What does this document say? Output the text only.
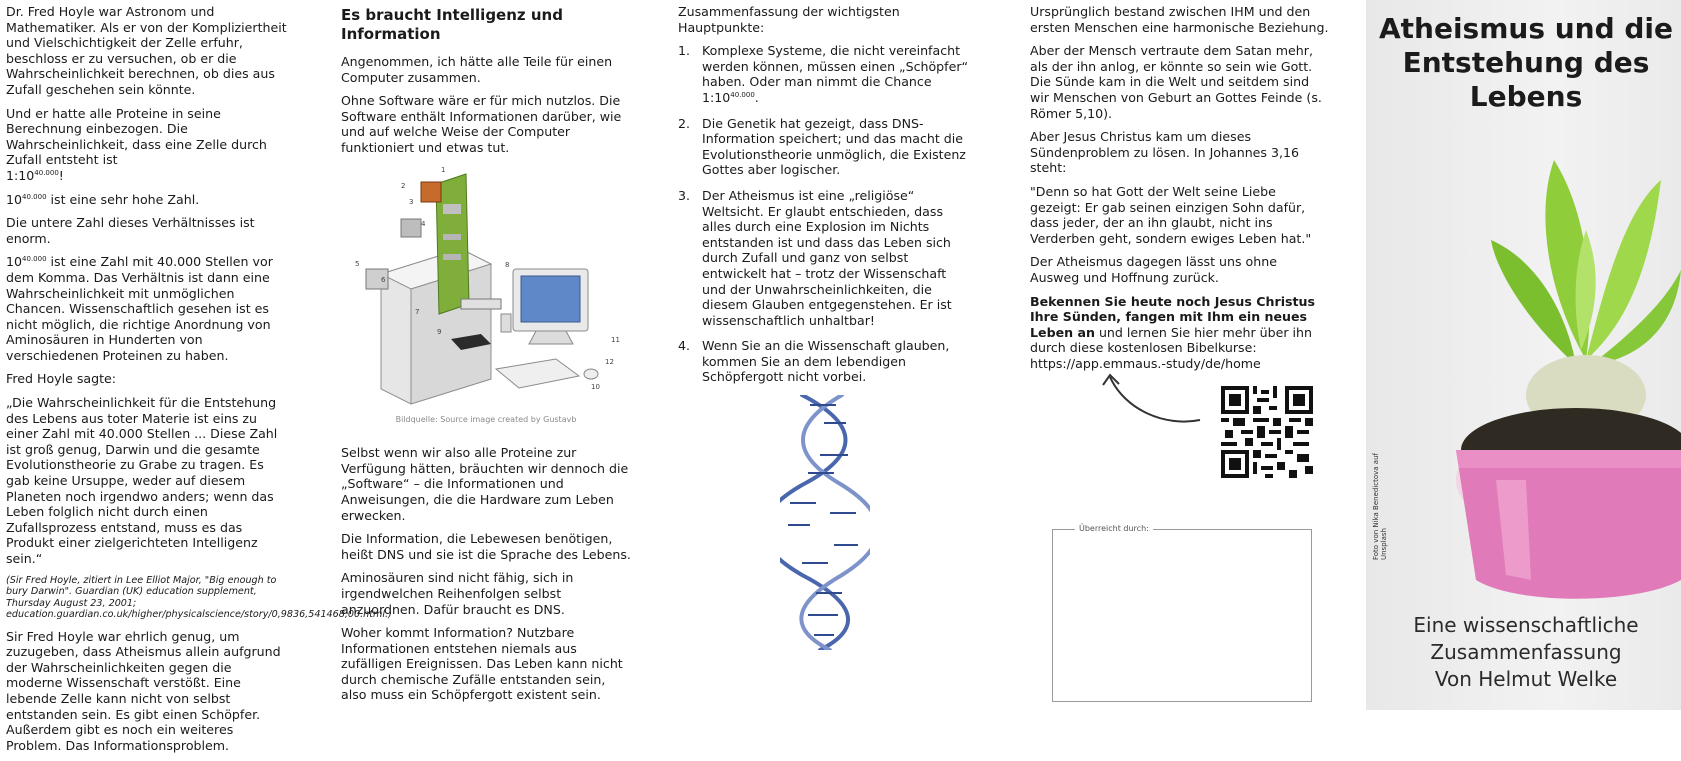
Dr. Fred Hoyle war Astronom und Mathematiker. Als er von der Kompliziertheit und Vielschichtigkeit der Zelle erfuhr, beschloss er zu versuchen, ob er die Wahrscheinlichkeit berechnen, ob dies aus Zufall geschehen sein könnte.

Und er hatte alle Proteine in seine Berechnung einbezogen. Die Wahrscheinlichkeit, dass eine Zelle durch Zufall entsteht ist
$1:10^{40.000}$!

$10^{40.000}$ ist eine sehr hohe Zahl.

Die untere Zahl dieses Verhältnisses ist enorm.

$10^{40.000}$ ist eine Zahl mit 40.000 Stellen vor dem Komma. Das Verhältnis ist dann eine Wahrscheinlichkeit mit unmöglichen Chancen. Wissenschaftlich gesehen ist es nicht möglich, die richtige Anordnung von Aminosäuren in Hunderten von verschiedenen Proteinen zu haben.

Fred Hoyle sagte:

„Die Wahrscheinlichkeit für die Entstehung des Lebens aus toter Materie ist eins zu einer Zahl mit 40.000 Stellen ... Diese Zahl ist groß genug, Darwin und die gesamte Evolutionstheorie zu Grabe zu tragen. Es gab keine Ursuppe, weder auf diesem Planeten noch irgendwo anders; wenn das Leben folglich nicht durch einen Zufallsprozess entstand, muss es das Produkt einer zielgerichteten Intelligenz sein.“

(Sir Fred Hoyle, zitiert in Lee Elliot Major, "Big enough to bury Darwin". Guardian (UK) education supplement, Thursday August 23, 2001; education.guardian.co.uk/higher/physicalscience/story/0,9836,541468,00.html.)

Sir Fred Hoyle war ehrlich genug, um zuzugeben, dass Atheismus allein aufgrund der Wahrscheinlichkeiten gegen die moderne Wissenschaft verstößt. Eine lebende Zelle kann nicht von selbst entstanden sein. Es gibt einen Schöpfer. Außerdem gibt es noch ein weiteres Problem. Das Informationsproblem.

Es braucht Intelligenz und Information

Angenommen, ich hätte alle Teile für einen Computer zusammen.

Ohne Software wäre er für mich nutzlos. Die Software enthält Informationen darüber, wie und auf welche Weise der Computer funktioniert und etwas tut.

1
2
3
4
5
6
7
8
9
10
11
12
Bildquelle: Source image created by Gustavb

Selbst wenn wir also alle Proteine zur Verfügung hätten, bräuchten wir dennoch die „Software“ – die Informationen und Anweisungen, die die Hardware zum Leben erwecken.

Die Information, die Lebewesen benötigen, heißt DNS und sie ist die Sprache des Lebens.

Aminosäuren sind nicht fähig, sich in irgendwelchen Reihenfolgen selbst anzuordnen. Dafür braucht es DNS.

Woher kommt Information? Nutzbare Informationen entstehen niemals aus zufälligen Ereignissen. Das Leben kann nicht durch chemische Zufälle entstanden sein, also muss ein Schöpfergott existent sein.

Zusammenfassung der wichtigsten Hauptpunkte:

1. Komplexe Systeme, die nicht vereinfacht werden können, müssen einen „Schöpfer“ haben. Oder man nimmt die Chance $1:10^{40.000}$.
2. Die Genetik hat gezeigt, dass DNS-Information speichert; und das macht die Evolutionstheorie unmöglich, die Existenz Gottes aber logischer.
3. Der Atheismus ist eine „religiöse“ Weltsicht. Er glaubt entschieden, dass alles durch eine Explosion im Nichts entstanden ist und dass das Leben sich durch Zufall und ganz von selbst entwickelt hat – trotz der Wissenschaft und der Unwahrscheinlichkeiten, die diesem Glauben entgegenstehen. Er ist wissenschaftlich unhaltbar!
4. Wenn Sie an die Wissenschaft glauben, kommen Sie an dem lebendigen Schöpfergott nicht vorbei.

Ursprünglich bestand zwischen IHM und den ersten Menschen eine harmonische Beziehung.

Aber der Mensch vertraute dem Satan mehr, als der ihn anlog, er könnte so sein wie Gott. Die Sünde kam in die Welt und seitdem sind wir Menschen von Geburt an Gottes Feinde (s. Römer 5,10).

Aber Jesus Christus kam um dieses Sündenproblem zu lösen. In Johannes 3,16 steht:

"Denn so hat Gott der Welt seine Liebe gezeigt: Er gab seinen einzigen Sohn dafür, dass jeder, der an ihn glaubt, nicht ins Verderben geht, sondern ewiges Leben hat."

Der Atheismus dagegen lässt uns ohne Ausweg und Hoffnung zurück.

Bekennen Sie heute noch Jesus Christus Ihre Sünden, fangen mit Ihm ein neues Leben an und lernen Sie hier mehr über ihn durch diese kostenlosen Bibelkurse: https://app.emmaus.-study/de/home

Überreicht durch:
Atheismus und die Entstehung des Lebens
Eine wissenschaftliche
Zusammenfassung
Von Helmut Welke
Foto von Nika Benedictova auf Unsplash
